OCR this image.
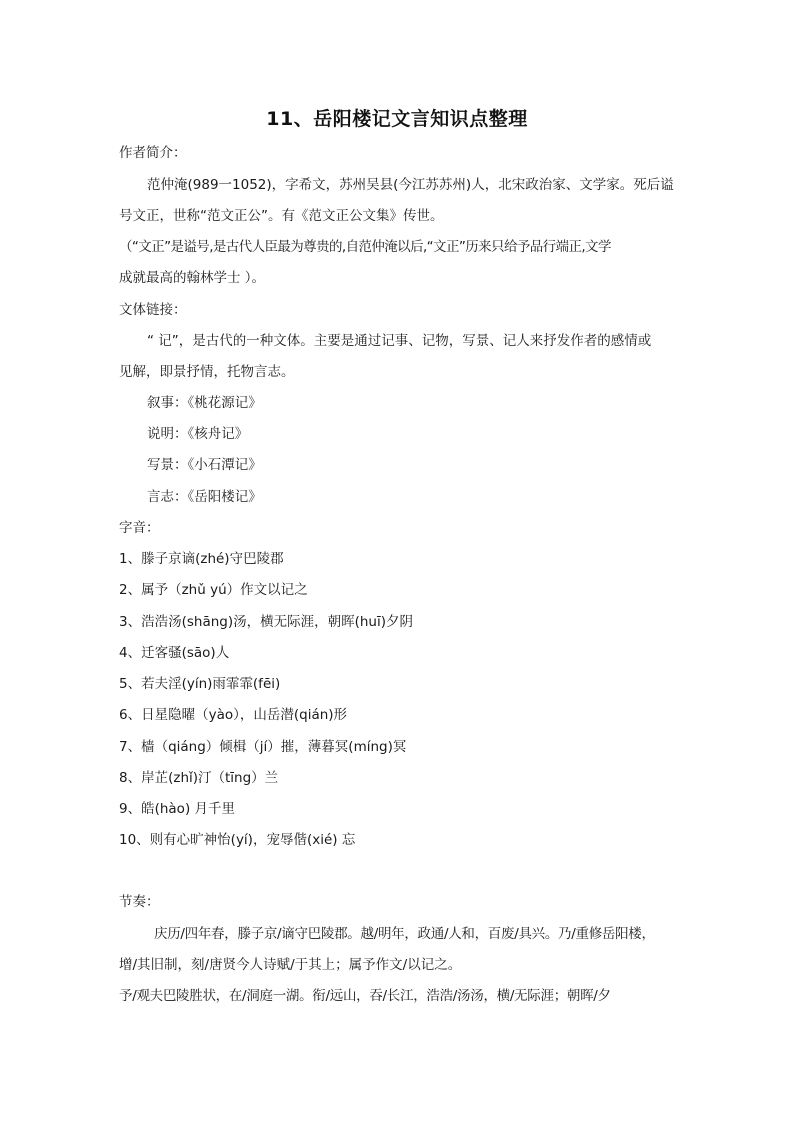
11、岳阳楼记文言知识点整理
作者简介：
范仲淹(989一1052)，字希文，苏州吴县(今江苏苏州)人，北宋政治家、文学家。死后谥
号文正，世称“范文正公”。有《范文正公文集》传世。
（“文正”是谥号,是古代人臣最为尊贵的,自范仲淹以后,“文正”历来只给予品行端正,文学
成就最高的翰林学士 ）。
文体链接：
“ 记”，是古代的一种文体。主要是通过记事、记物，写景、记人来抒发作者的感情或
见解，即景抒情，托物言志。
叙事：《桃花源记》
说明：《核舟记》
写景：《小石潭记》
言志：《岳阳楼记》
字音：
1、滕子京谪(zhé)守巴陵郡
2、属予（zhǔ yú）作文以记之
3、浩浩汤(shāng)汤，横无际涯，朝晖(huī)夕阴
4、迁客骚(sāo)人
5、若夫淫(yín)雨霏霏(fēi)
6、日星隐曜（yào），山岳潜(qián)形
7、樯（qiáng）倾楫（jí）摧，薄暮冥(míng)冥
8、岸芷(zhǐ)汀（tīng）兰
9、皓(hào) 月千里
10、则有心旷神怡(yí)，宠辱偕(xié) 忘
节奏：
庆历/四年春，滕子京/谪守巴陵郡。越/明年，政通/人和，百废/具兴。乃/重修岳阳楼，
增/其旧制，刻/唐贤今人诗赋/于其上；属予作文/以记之。
予/观夫巴陵胜状，在/洞庭一湖。衔/远山，吞/长江，浩浩/汤汤，横/无际涯；朝晖/夕
